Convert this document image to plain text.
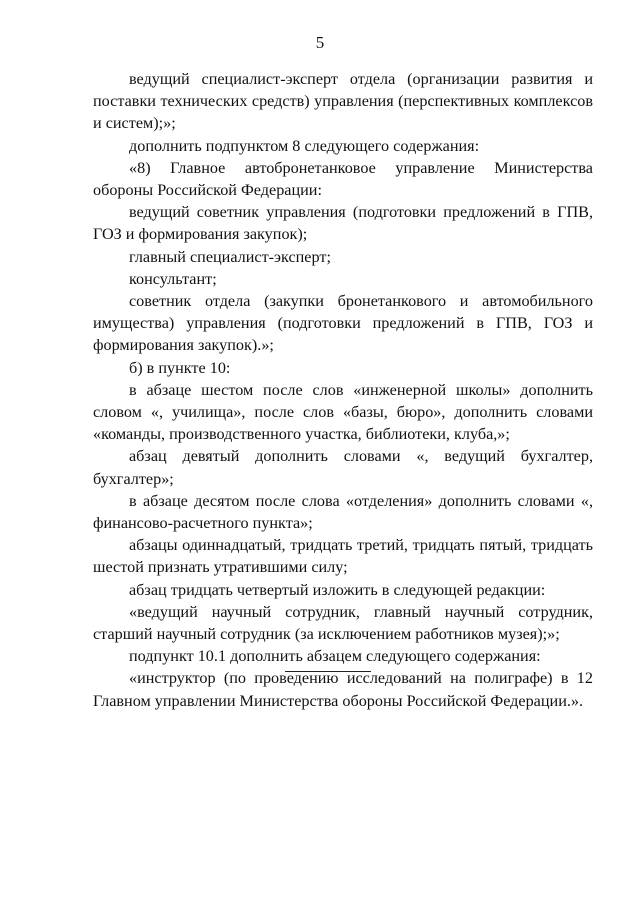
5

ведущий специалист-эксперт отдела (организации развития и поставки технических средств) управления (перспективных комплексов и систем);»;

дополнить подпунктом 8 следующего содержания:

«8) Главное автобронетанковое управление Министерства обороны Российской Федерации:

ведущий советник управления (подготовки предложений в ГПВ, ГОЗ и формирования закупок);

главный специалист-эксперт;

консультант;

советник отдела (закупки бронетанкового и автомобильного имущества) управления (подготовки предложений в ГПВ, ГОЗ и формирования закупок).»;

б) в пункте 10:

в абзаце шестом после слов «инженерной школы» дополнить словом «, училища», после слов «базы, бюро», дополнить словами «команды, производственного участка, библиотеки, клуба,»;

абзац девятый дополнить словами «, ведущий бухгалтер, бухгалтер»;

в абзаце десятом после слова «отделения» дополнить словами «, финансово-расчетного пункта»;

абзацы одиннадцатый, тридцать третий, тридцать пятый, тридцать шестой признать утратившими силу;

абзац тридцать четвертый изложить в следующей редакции:

«ведущий научный сотрудник, главный научный сотрудник, старший научный сотрудник (за исключением работников музея);»;

подпункт 10.1 дополнить абзацем следующего содержания:

«инструктор (по проведению исследований на полиграфе) в 12 Главном управлении Министерства обороны Российской Федерации.».
